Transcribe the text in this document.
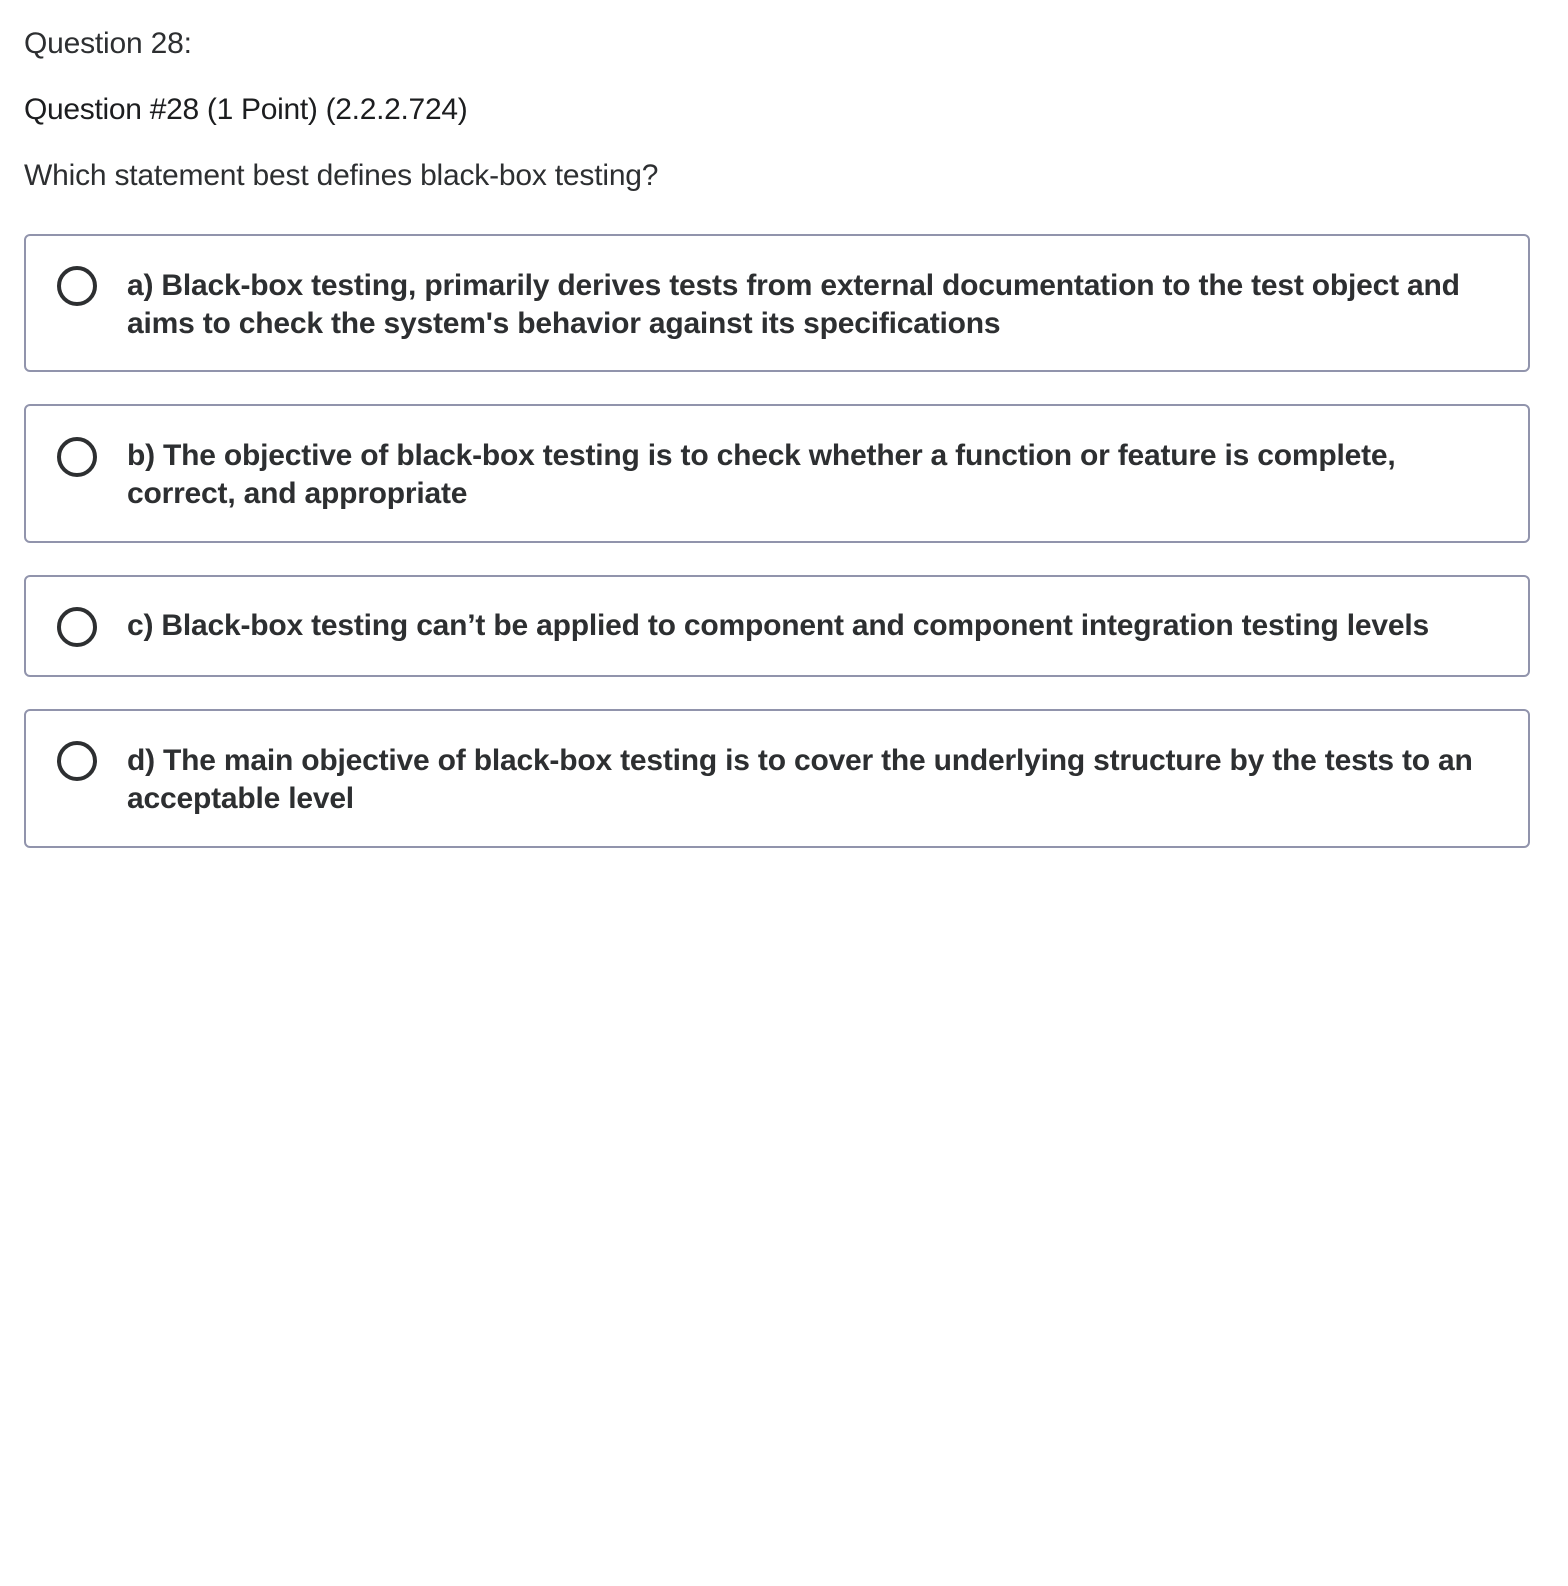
Question 28:
Question #28 (1 Point) (2.2.2.724)
Which statement best defines black-box testing?
a) Black-box testing, primarily derives tests from external documentation to the test object and aims to check the system's behavior against its specifications
b) The objective of black-box testing is to check whether a function or feature is complete, correct, and appropriate
c) Black-box testing can’t be applied to component and component integration testing levels
d) The main objective of black-box testing is to cover the underlying structure by the tests to an acceptable level
